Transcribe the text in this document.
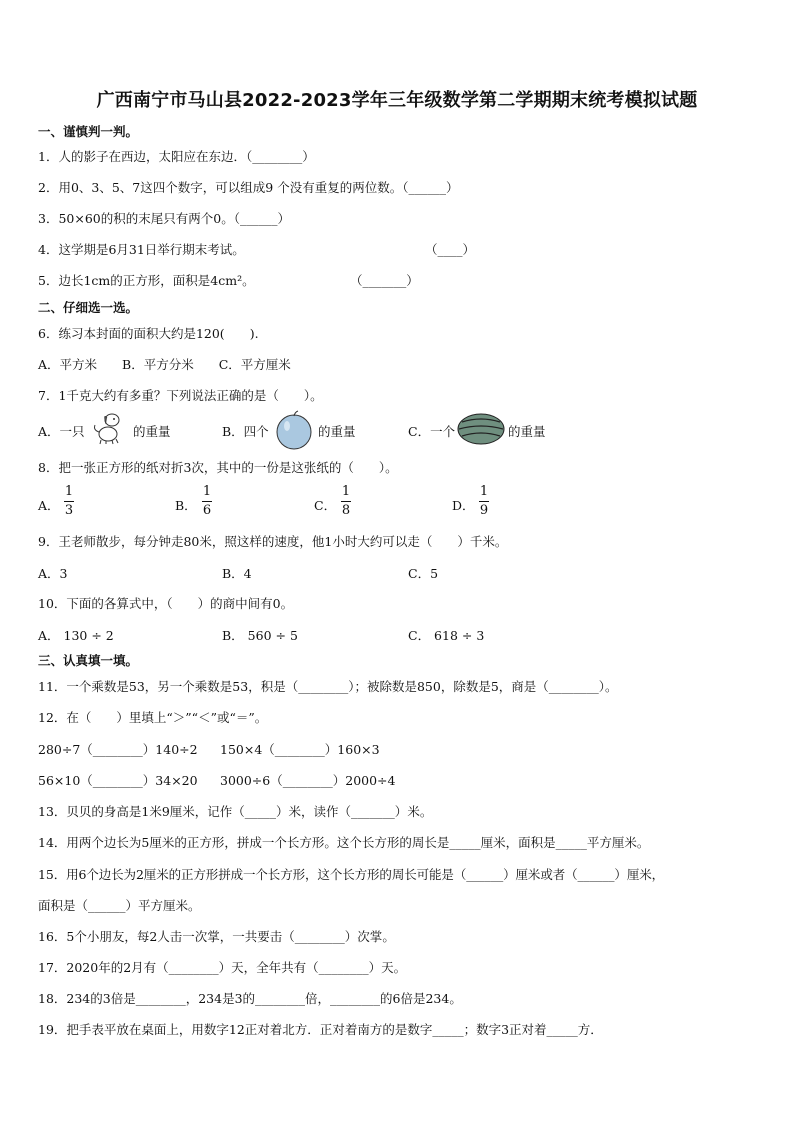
广西南宁市马山县2022-2023学年三年级数学第二学期期末统考模拟试题
一、谨慎判一判。
1．人的影子在西边，太阳应在东边．（________）
2．用0、3、5、7这四个数字，可以组成9 个没有重复的两位数。（______）
3．50×60的积的末尾只有两个0。（______）
4．这学期是6月31日举行期末考试。	（____）
5．边长1cm的正方形，面积是4cm²。	（_______）
二、仔细选一选。
6．练习本封面的面积大约是120(　　).
A．平方米　　B．平方分米　　C．平方厘米
7．1千克大约有多重？下列说法正确的是（　　）。
A．一只	的重量	B．四个	的重量	C．一个	的重量
8．把一张正方形的纸对折3次，其中的一份是这张纸的（　　）。
A．
1
3	B．
1
6	C．
1
8	D．
1
9
9．王老师散步，每分钟走80米，照这样的速度，他1小时大约可以走（　　）千米。
A．3	B．4	C．5
10．下面的各算式中，（　　）的商中间有0。
A． 130 ÷ 2	B． 560 ÷ 5	C． 618 ÷ 3
三、认真填一填。
11．一个乘数是53，另一个乘数是53，积是（________）；被除数是850，除数是5，商是（________）。
12．在（　　）里填上“＞”“＜”或“＝”。
280÷7（________）140÷2 150×4（________）160×3
56×10（________）34×20 3000÷6（________）2000÷4
13．贝贝的身高是1米9厘米，记作（_____）米，读作（_______）米。
14．用两个边长为5厘米的正方形，拼成一个长方形。这个长方形的周长是_____厘米，面积是_____平方厘米。
15．用6个边长为2厘米的正方形拼成一个长方形，这个长方形的周长可能是（______）厘米或者（______）厘米，
面积是（______）平方厘米。
16．5个小朋友，每2人击一次掌，一共要击（________）次掌。
17．2020年的2月有（________）天，全年共有（________）天。
18．234的3倍是________，234是3的________倍，________的6倍是234。
19．把手表平放在桌面上，用数字12正对着北方．正对着南方的是数字_____；数字3正对着_____方．
